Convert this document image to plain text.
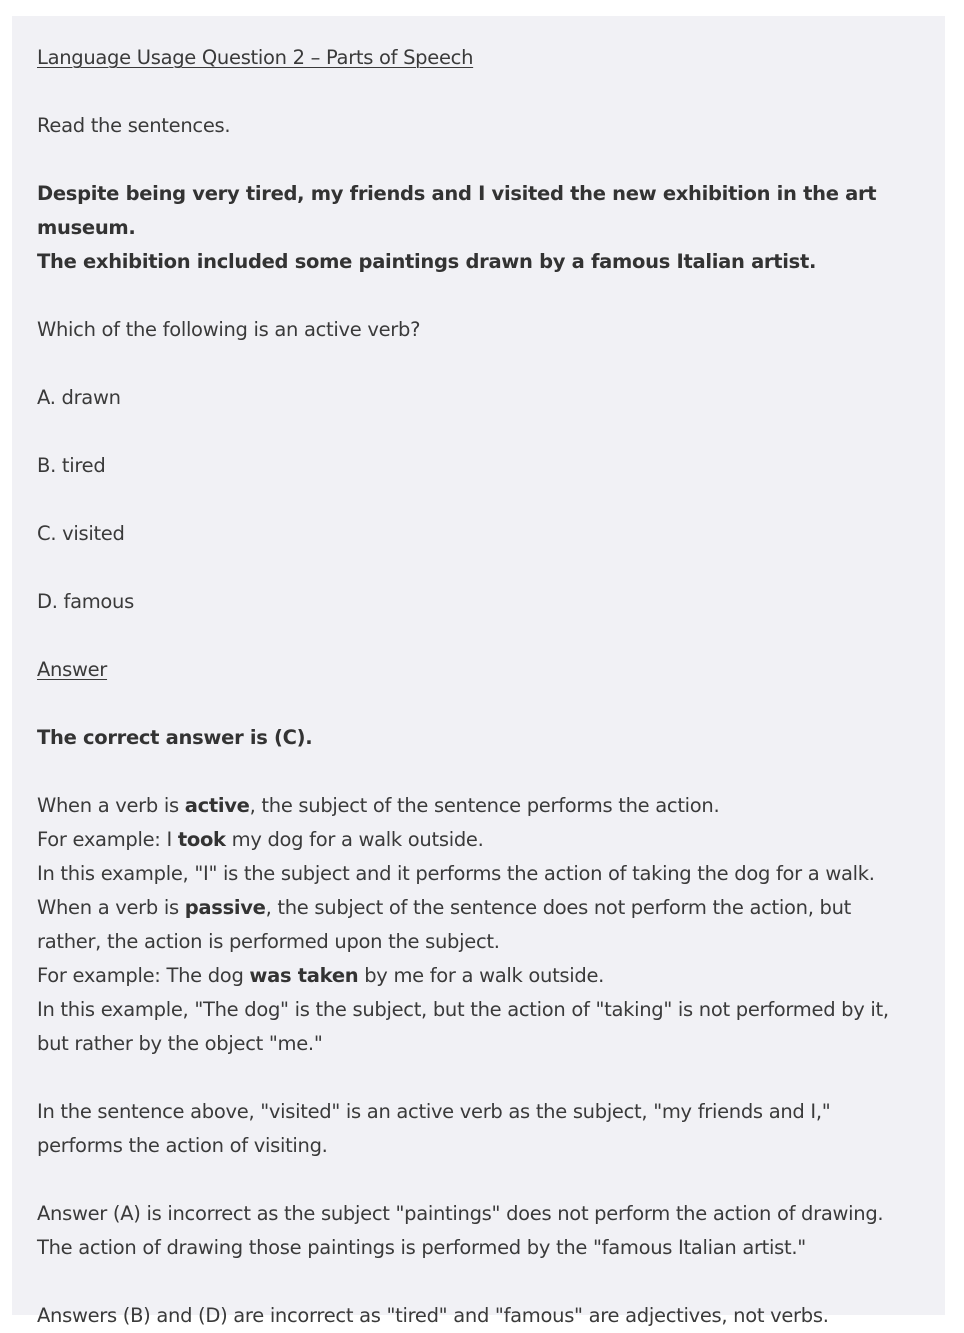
Language Usage Question 2 – Parts of Speech

Read the sentences.

Despite being very tired, my friends and I visited the new exhibition in the art museum.
The exhibition included some paintings drawn by a famous Italian artist.

Which of the following is an active verb?

A. drawn

B. tired

C. visited

D. famous

Answer

The correct answer is (C).

When a verb is active, the subject of the sentence performs the action.
For example: I took my dog for a walk outside.
In this example, "I" is the subject and it performs the action of taking the dog for a walk.
When a verb is passive, the subject of the sentence does not perform the action, but rather, the action is performed upon the subject.
For example: The dog was taken by me for a walk outside.
In this example, "The dog" is the subject, but the action of "taking" is not performed by it, but rather by the object "me."

In the sentence above, "visited" is an active verb as the subject, "my friends and I," performs the action of visiting.

Answer (A) is incorrect as the subject "paintings" does not perform the action of drawing. The action of drawing those paintings is performed by the "famous Italian artist."

Answers (B) and (D) are incorrect as "tired" and "famous" are adjectives, not verbs.
